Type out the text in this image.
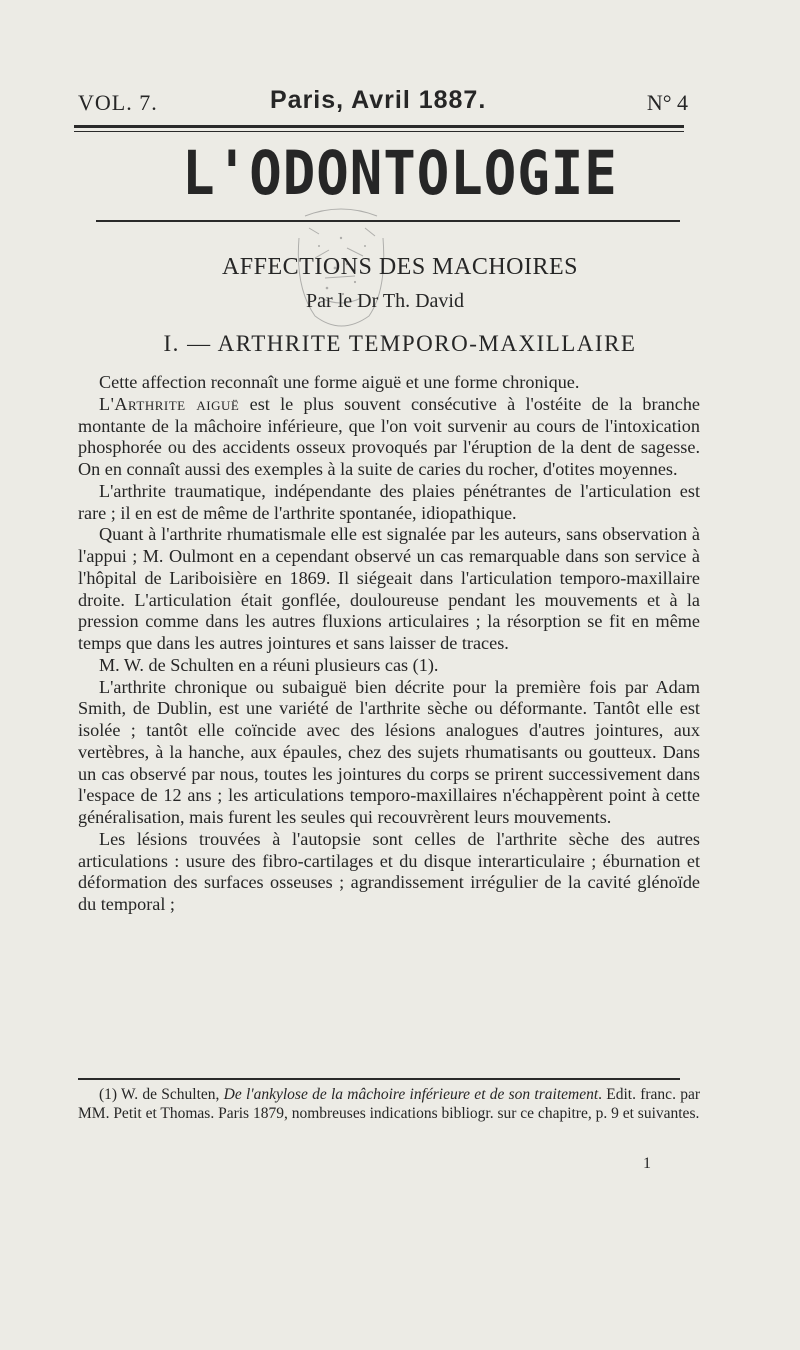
VOL. 7.	Paris, Avril 1887.	N° 4
L'ODONTOLOGIE
AFFECTIONS DES MACHOIRES
Par le Dr Th. David
I. — ARTHRITE TEMPORO-MAXILLAIRE

Cette affection reconnaît une forme aiguë et une forme chronique.

L'Arthrite aiguë est le plus souvent consécutive à l'ostéite de la branche montante de la mâchoire inférieure, que l'on voit survenir au cours de l'intoxication phosphorée ou des accidents osseux provoqués par l'éruption de la dent de sagesse. On en connaît aussi des exemples à la suite de caries du rocher, d'otites moyennes.

L'arthrite traumatique, indépendante des plaies pénétrantes de l'articulation est rare ; il en est de même de l'arthrite spontanée, idiopathique.

Quant à l'arthrite rhumatismale elle est signalée par les auteurs, sans observation à l'appui ; M. Oulmont en a cependant observé un cas remarquable dans son service à l'hôpital de Lariboisière en 1869. Il siégeait dans l'articulation temporo-maxillaire droite. L'articulation était gonflée, douloureuse pendant les mouvements et à la pression comme dans les autres fluxions articulaires ; la résorption se fit en même temps que dans les autres jointures et sans laisser de traces.

M. W. de Schulten en a réuni plusieurs cas (1).

L'arthrite chronique ou subaiguë bien décrite pour la première fois par Adam Smith, de Dublin, est une variété de l'arthrite sèche ou déformante. Tantôt elle est isolée ; tantôt elle coïncide avec des lésions analogues d'autres jointures, aux vertèbres, à la hanche, aux épaules, chez des sujets rhumatisants ou goutteux. Dans un cas observé par nous, toutes les jointures du corps se prirent successivement dans l'espace de 12 ans ; les articulations temporo-maxillaires n'échappèrent point à cette généralisation, mais furent les seules qui recouvrèrent leurs mouvements.

Les lésions trouvées à l'autopsie sont celles de l'arthrite sèche des autres articulations : usure des fibro-cartilages et du disque interarticulaire ; éburnation et déformation des surfaces osseuses ; agrandissement irrégulier de la cavité glénoïde du temporal ;

(1) W. de Schulten, De l'ankylose de la mâchoire inférieure et de son traitement. Edit. franc. par MM. Petit et Thomas. Paris 1879, nombreuses indications bibliogr. sur ce chapitre, p. 9 et suivantes.

1
